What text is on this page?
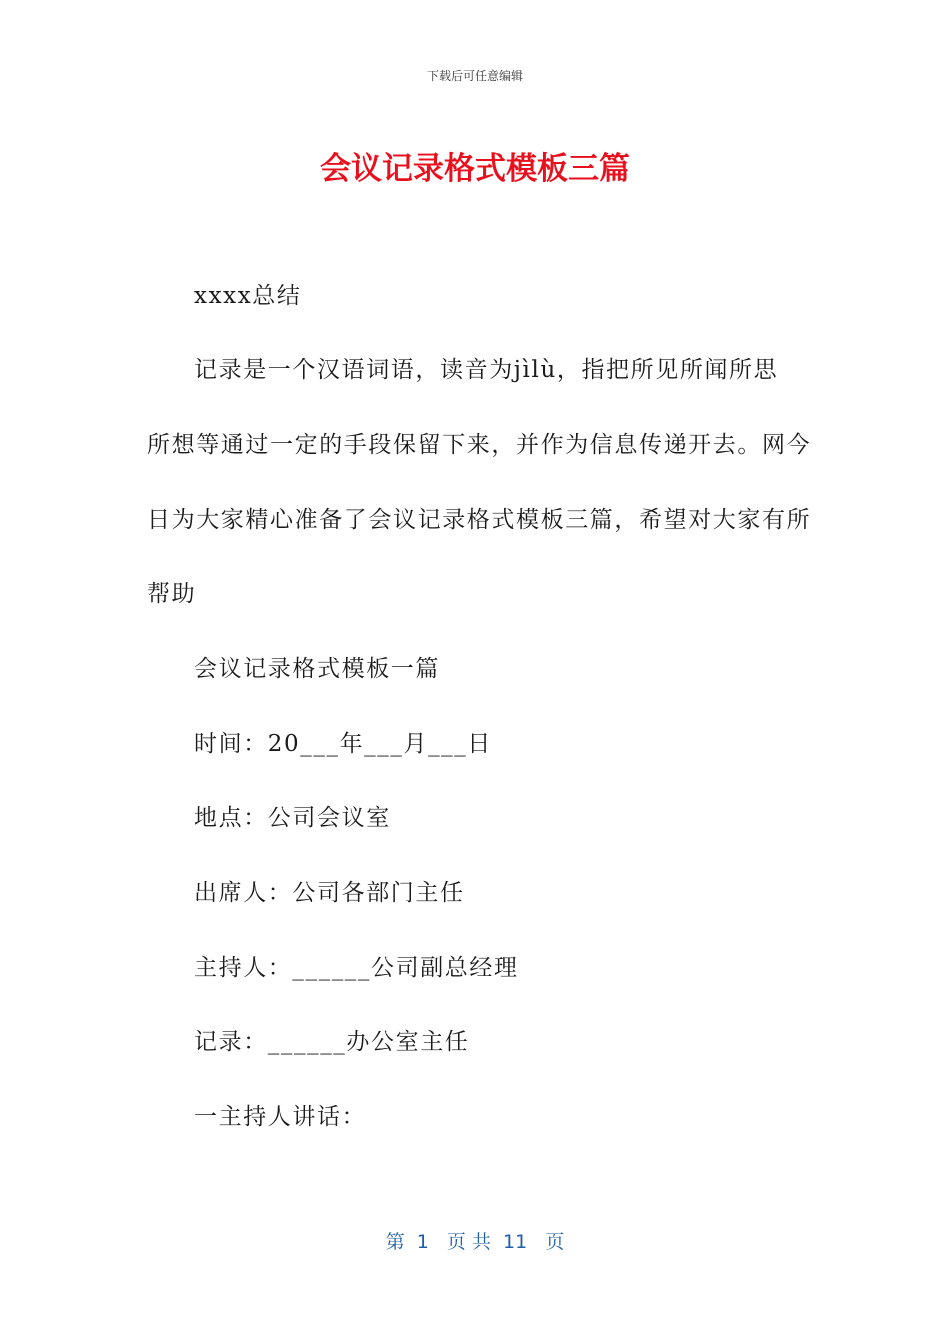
下载后可任意编辑
会议记录格式模板三篇
xxxx总结
记录是一个汉语词语，读音为jìlù，指把所见所闻所思
所想等通过一定的手段保留下来，并作为信息传递开去。网今
日为大家精心准备了会议记录格式模板三篇，希望对大家有所
帮助
会议记录格式模板一篇
时间：20___年___月___日
地点：公司会议室
出席人：公司各部门主任
主持人：______公司副总经理
记录：______办公室主任
一主持人讲话：
第  1   页 共  11   页
